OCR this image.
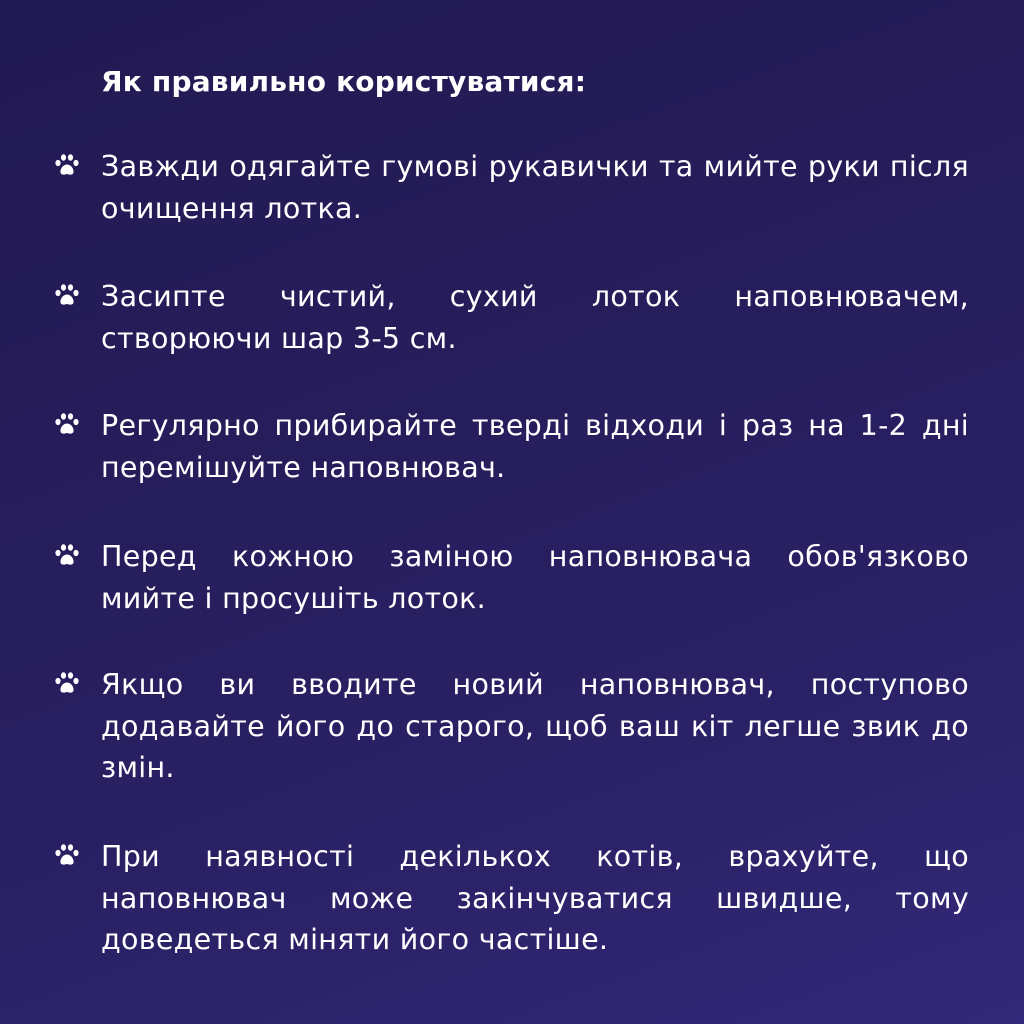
Як правильно користуватися:
Завжди одягайте гумові рукавички та мийте руки після очищення лотка.
Засипте чистий, сухий лоток наповнювачем, створюючи шар 3-5 см.
Регулярно прибирайте тверді відходи і раз на 1-2 дні перемішуйте наповнювач.
Перед кожною заміною наповнювача обов'язково мийте і просушіть лоток.
Якщо ви вводите новий наповнювач, поступово додавайте його до старого, щоб ваш кіт легше звик до змін.
При наявності декількох котів, врахуйте, що наповнювач може закінчуватися швидше, тому доведеться міняти його частіше.
